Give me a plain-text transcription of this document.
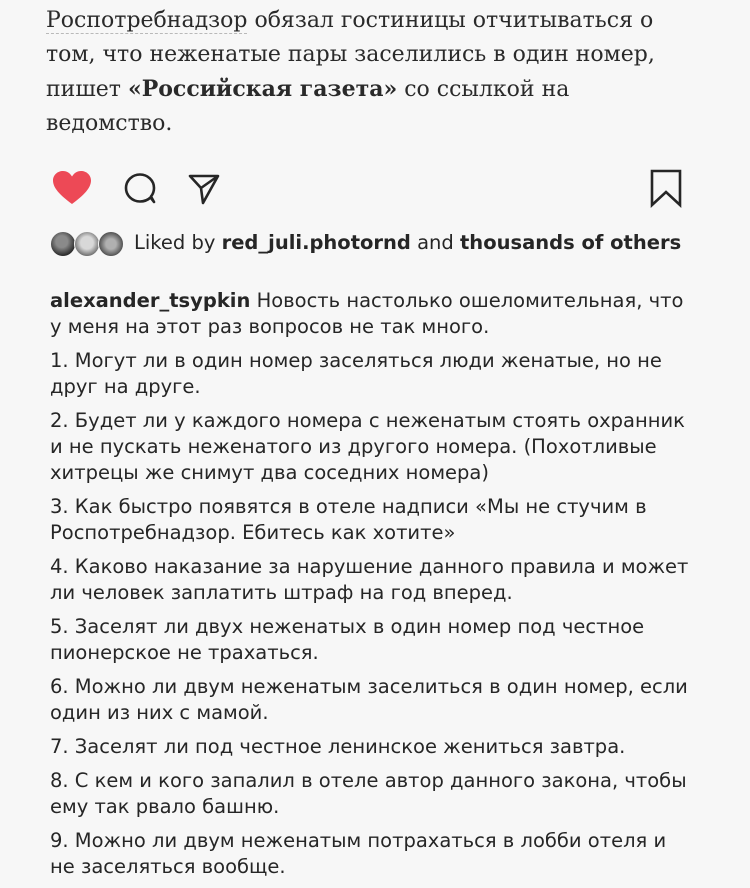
Роспотребнадзор обязал гостиницы отчитываться о
том, что неженатые пары заселились в один номер,
пишет «Российская газета» со ссылкой на
ведомство.
Liked by red_juli.photornd and thousands of others

alexander_tsypkin Новость настолько ошеломительная, что у меня на этот раз вопросов не так много.

1. Могут ли в один номер заселяться люди женатые, но не друг на друге.

2. Будет ли у каждого номера с неженатым стоять охранник и не пускать неженатого из другого номера. (Похотливые хитрецы же снимут два соседних номера)

3. Как быстро появятся в отеле надписи «Мы не стучим в Роспотребнадзор. Ебитесь как хотите»

4. Каково наказание за нарушение данного правила и может ли человек заплатить штраф на год вперед.

5. Заселят ли двух неженатых в один номер под честное пионерское не трахаться.

6. Можно ли двум неженатым заселиться в один номер, если один из них с мамой.

7. Заселят ли под честное ленинское жениться завтра.

8. С кем и кого запалил в отеле автор данного закона, чтобы ему так рвало башню.

9. Можно ли двум неженатым потрахаться в лобби отеля и не заселяться вообще.
